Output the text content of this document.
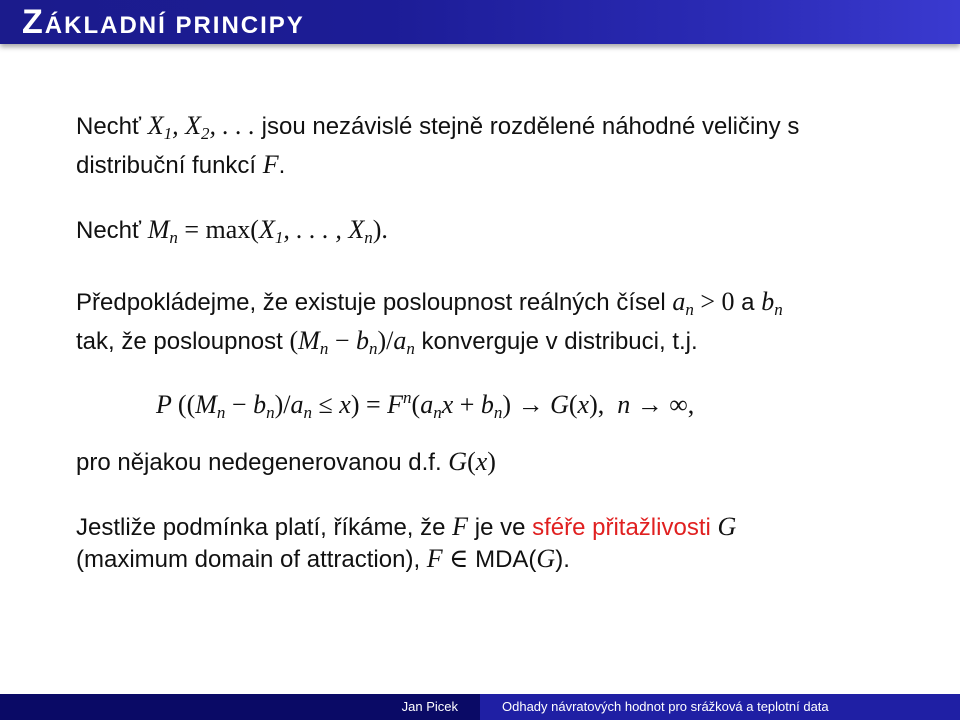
ZÁKLADNÍ PRINCIPY
Nechť $X_1$, $X_2$, . . . jsou nezávislé stejně rozdělené náhodné veličiny s
distribuční funkcí F.
Nechť $M_n = \max(X_1$, . . . , $X_n$).
Předpokládejme, že existuje posloupnost reálných čísel $a_n > 0$ a $b_n$
tak, že posloupnost $(M_n - b_n)/a_n$ konverguje v distribuci, t.j.
P $((M_n - b_n)/a_n \le x) = F^n(a_nx + b_n) \to G(x)$,  n → ∞,
pro nějakou nedegenerovanou d.f. G(x)
Jestliže podmínka platí, říkáme, že F je ve sféře přitažlivosti G
(maximum domain of attraction), F ∈ MDA(G).
Jan Picek	Odhady návratových hodnot pro srážková a teplotní data
